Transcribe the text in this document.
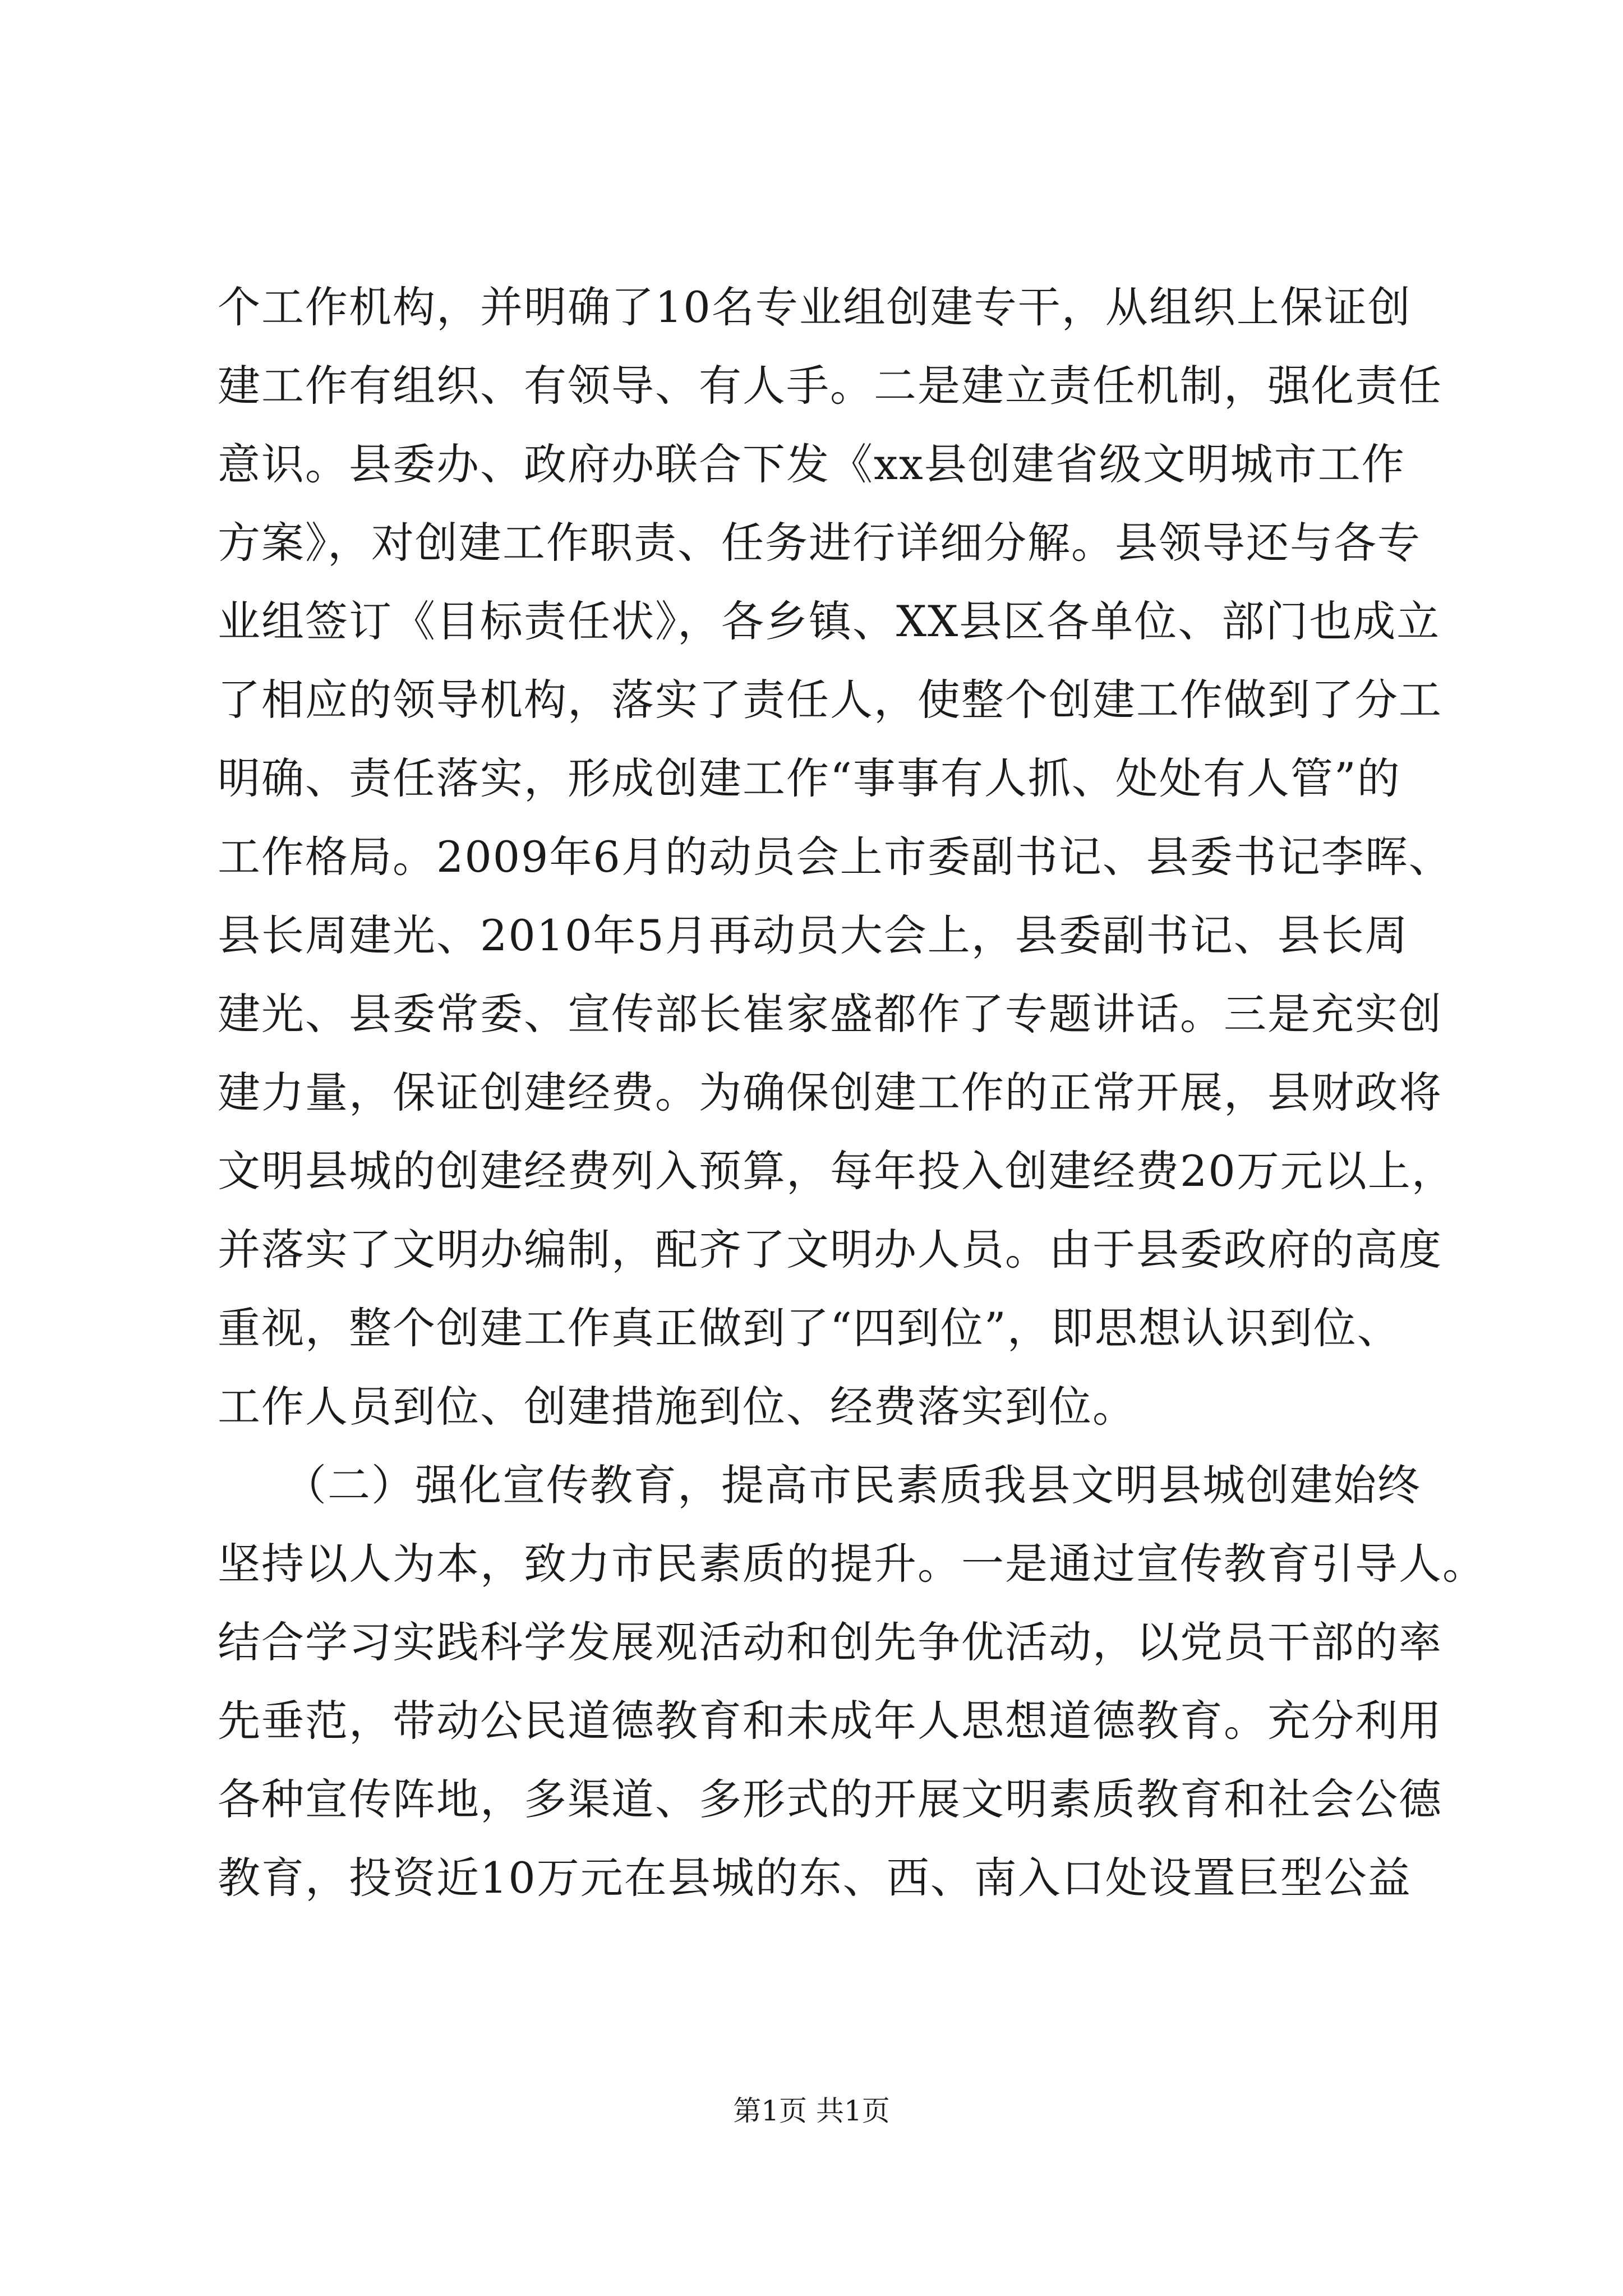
个工作机构，并明确了10名专业组创建专干，从组织上保证创
建工作有组织、有领导、有人手。二是建立责任机制，强化责任
意识。县委办、政府办联合下发《xx县创建省级文明城市工作
方案》，对创建工作职责、任务进行详细分解。县领导还与各专
业组签订《目标责任状》，各乡镇、XX县区各单位、部门也成立
了相应的领导机构，落实了责任人，使整个创建工作做到了分工
明确、责任落实，形成创建工作“事事有人抓、处处有人管”的
工作格局。2009年6月的动员会上市委副书记、县委书记李晖、
县长周建光、2010年5月再动员大会上，县委副书记、县长周
建光、县委常委、宣传部长崔家盛都作了专题讲话。三是充实创
建力量，保证创建经费。为确保创建工作的正常开展，县财政将
文明县城的创建经费列入预算，每年投入创建经费20万元以上，
并落实了文明办编制，配齐了文明办人员。由于县委政府的高度
重视，整个创建工作真正做到了“四到位”，即思想认识到位、
工作人员到位、创建措施到位、经费落实到位。
　　（二）强化宣传教育，提高市民素质我县文明县城创建始终
坚持以人为本，致力市民素质的提升。一是通过宣传教育引导人。
结合学习实践科学发展观活动和创先争优活动，以党员干部的率
先垂范，带动公民道德教育和未成年人思想道德教育。充分利用
各种宣传阵地，多渠道、多形式的开展文明素质教育和社会公德
教育，投资近10万元在县城的东、西、南入口处设置巨型公益
第1页 共1页
